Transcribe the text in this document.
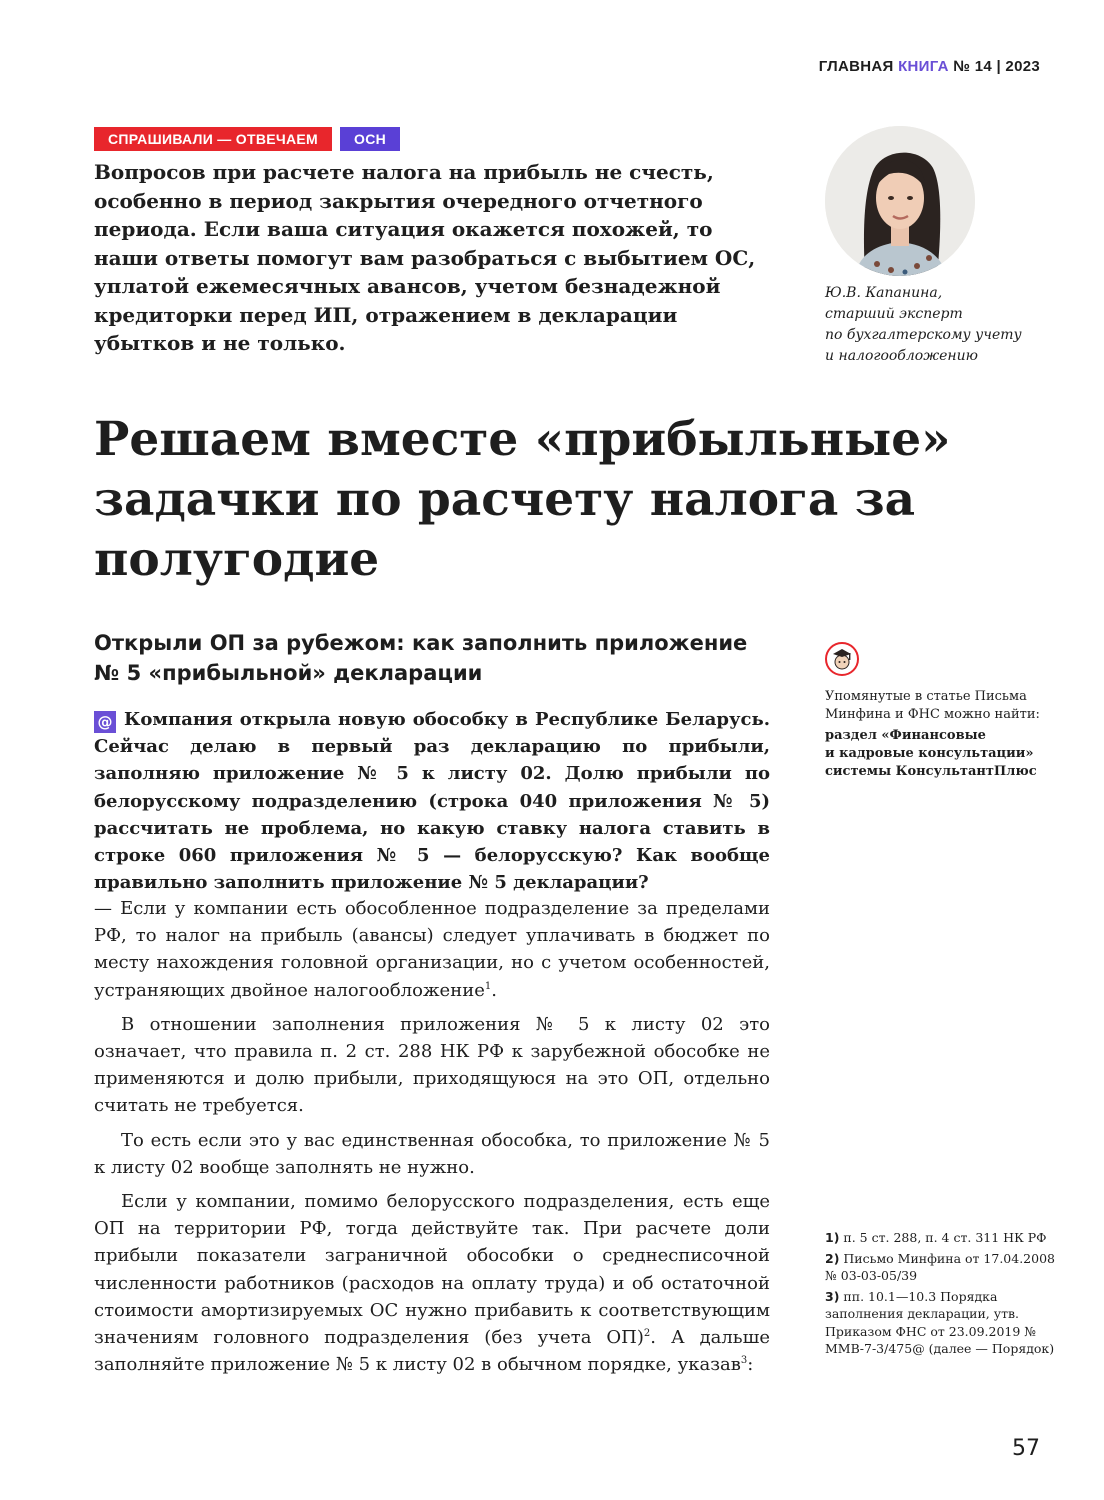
ГЛАВНАЯ КНИГА № 14 | 2023
СПРАШИВАЛИ — ОТВЕЧАЕМ	ОСН
Вопросов при расчете налога на прибыль не счесть, особенно в период закрытия очередного отчетного периода. Если ваша ситуация окажется похожей, то наши ответы помогут вам разобраться с выбытием ОС, уплатой ежемесячных авансов, учетом безнадежной кредиторки перед ИП, отражением в декларации убытков и не только.
Ю.В. Капанина,
старший эксперт
по бухгалтерскому учету
и налогообложению
Решаем вместе «прибыльные» задачки по расчету налога за полугодие
Открыли ОП за рубежом: как заполнить приложение № 5 «прибыльной» декларации
@ Компания открыла новую обособку в Республике Беларусь. Сейчас делаю в первый раз декларацию по прибыли, заполняю приложение № 5 к листу 02. Долю прибыли по белорусскому подразделению (строка 040 приложения № 5) рассчитать не проблема, но какую ставку налога ставить в строке 060 приложения № 5 — белорусскую? Как вообще правильно заполнить приложение № 5 декларации?

— Если у компании есть обособленное подразделение за пределами РФ, то налог на прибыль (авансы) следует уплачивать в бюджет по месту нахождения головной организации, но с учетом особенностей, устраняющих двойное налогообложение$^1$.

В отношении заполнения приложения № 5 к листу 02 это означает, что правила п. 2 ст. 288 НК РФ к зарубежной обособке не применяются и долю прибыли, приходящуюся на это ОП, отдельно считать не требуется.

То есть если это у вас единственная обособка, то приложение № 5 к листу 02 вообще заполнять не нужно.

Если у компании, помимо белорусского подразделения, есть еще ОП на территории РФ, тогда действуйте так. При расчете доли прибыли показатели заграничной обособки о среднесписочной численности работников (расходов на оплату труда) и об остаточной стоимости амортизируемых ОС нужно прибавить к соответствующим значениям головного подразделения (без учета ОП)$^2$. А дальше заполняйте приложение № 5 к листу 02 в обычном порядке, указав$^3$:

Упомянутые в статье Письма Минфина и ФНС можно найти:
раздел «Финансовые
и кадровые консультации»
системы КонсультантПлюс
1) п. 5 ст. 288, п. 4 ст. 311 НК РФ
2) Письмо Минфина от 17.04.2008 № 03-03-05/39
3) пп. 10.1—10.3 Порядка заполнения декларации, утв. Приказом ФНС от 23.09.2019 № ММВ-7-3/475@ (далее — Порядок)
57
